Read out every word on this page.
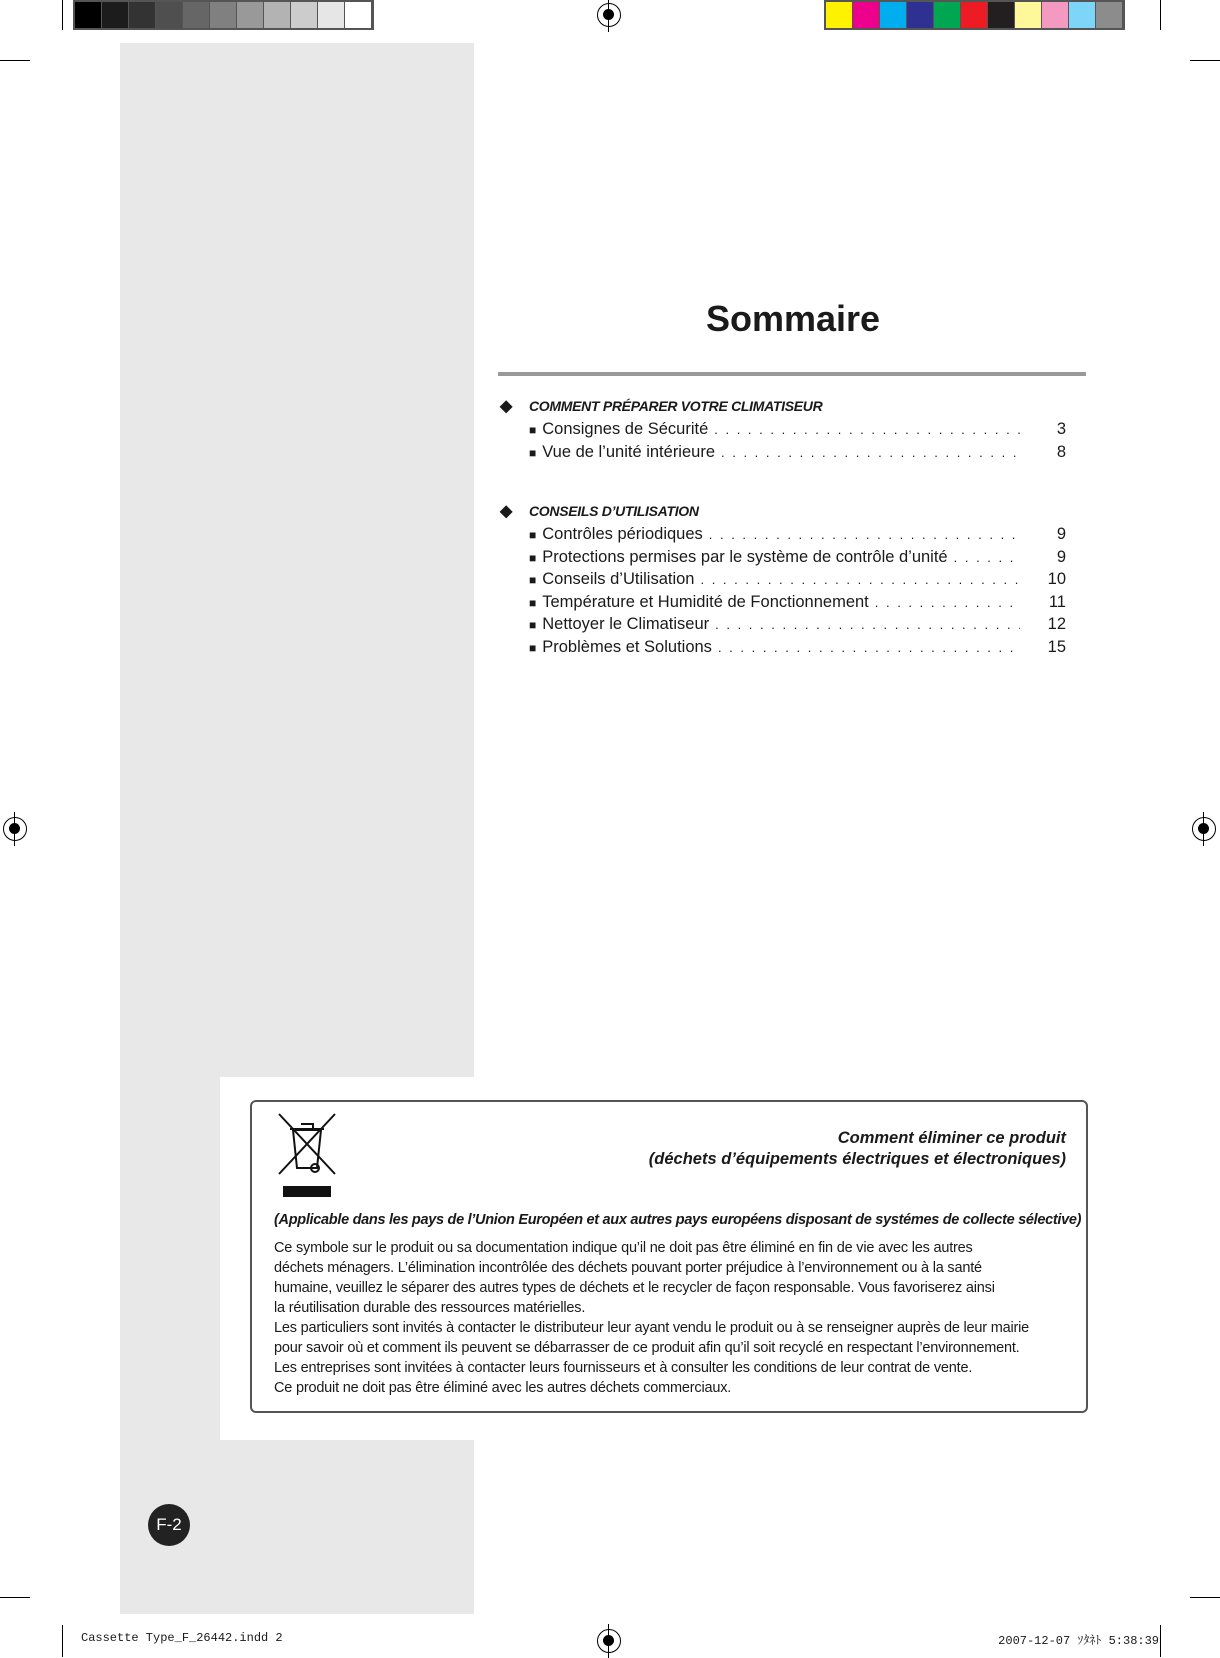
Sommaire
◆ COMMENT PRÉPARER VOTRE CLIMATISEUR
■ Consignes de Sécurité . . .	3
■ Vue de l’unité intérieure . . .	8
◆ CONSEILS D’UTILISATION
■ Contrôles périodiques . . .	9
■ Protections permises par le système de contrôle d’unité . . .	9
■ Conseils d’Utilisation . . .	10
■ Température et Humidité de Fonctionnement . . .	11
■ Nettoyer le Climatiseur . . .	12
■ Problèmes et Solutions . . .	15
Comment éliminer ce produit
(déchets d’équipements électriques et électroniques)
(Applicable dans les pays de l’Union Européen et aux autres pays européens disposant de systémes de collecte sélective)
Ce symbole sur le produit ou sa documentation indique qu’il ne doit pas être éliminé en fin de vie avec les autres
déchets ménagers. L’élimination incontrôlée des déchets pouvant porter préjudice à l’environnement ou à la santé
humaine, veuillez le séparer des autres types de déchets et le recycler de façon responsable. Vous favoriserez ainsi
la réutilisation durable des ressources matérielles.
Les particuliers sont invités à contacter le distributeur leur ayant vendu le produit ou à se renseigner auprès de leur mairie
pour savoir où et comment ils peuvent se débarrasser de ce produit afin qu’il soit recyclé en respectant l’environnement.
Les entreprises sont invitées à contacter leurs fournisseurs et à consulter les conditions de leur contrat de vente.
Ce produit ne doit pas être éliminé avec les autres déchets commerciaux.
F-2
Cassette Type_F_26442.indd 2	2007-12-07 ｿﾀﾈﾄ 5:38:39
